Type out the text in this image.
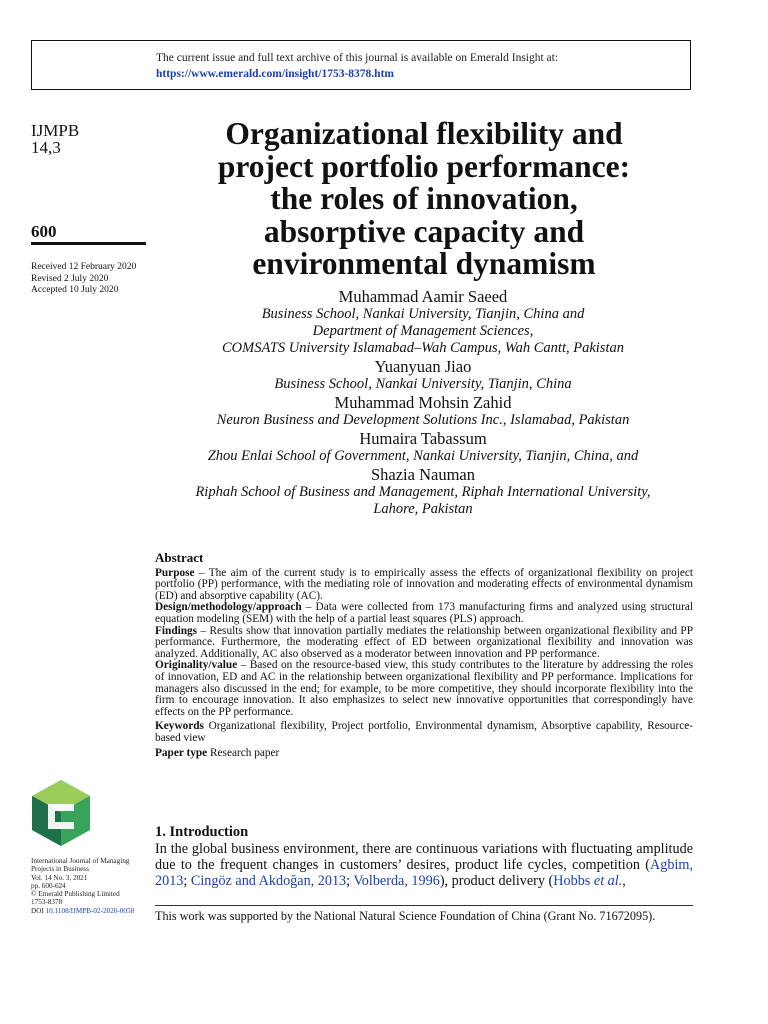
The current issue and full text archive of this journal is available on Emerald Insight at:
https://www.emerald.com/insight/1753-8378.htm
IJMPB
14,3
600
Received 12 February 2020
Revised 2 July 2020
Accepted 10 July 2020
International Journal of Managing
Projects in Business
Vol. 14 No. 3, 2021
pp. 600-624
© Emerald Publishing Limited
1753-8378
DOI 10.1108/IJMPB-02-2020-0058
Organizational flexibility and
project portfolio performance:
the roles of innovation,
absorptive capacity and
environmental dynamism
Muhammad Aamir Saeed
Business School, Nankai University, Tianjin, China and
Department of Management Sciences,
COMSATS University Islamabad–Wah Campus, Wah Cantt, Pakistan
Yuanyuan Jiao
Business School, Nankai University, Tianjin, China
Muhammad Mohsin Zahid
Neuron Business and Development Solutions Inc., Islamabad, Pakistan
Humaira Tabassum
Zhou Enlai School of Government, Nankai University, Tianjin, China, and
Shazia Nauman
Riphah School of Business and Management, Riphah International University,
Lahore, Pakistan
Abstract

Purpose – The aim of the current study is to empirically assess the effects of organizational flexibility on project portfolio (PP) performance, with the mediating role of innovation and moderating effects of environmental dynamism (ED) and absorptive capability (AC).

Design/methodology/approach – Data were collected from 173 manufacturing firms and analyzed using structural equation modeling (SEM) with the help of a partial least squares (PLS) approach.

Findings – Results show that innovation partially mediates the relationship between organizational flexibility and PP performance. Furthermore, the moderating effect of ED between organizational flexibility and innovation was analyzed. Additionally, AC also observed as a moderator between innovation and PP performance.

Originality/value – Based on the resource-based view, this study contributes to the literature by addressing the roles of innovation, ED and AC in the relationship between organizational flexibility and PP performance. Implications for managers also discussed in the end; for example, to be more competitive, they should incorporate flexibility into the firm to encourage innovation. It also emphasizes to select new innovative opportunities that correspondingly have effects on the PP performance.

Keywords Organizational flexibility, Project portfolio, Environmental dynamism, Absorptive capability, Resource-based view

Paper type Research paper

1. Introduction

In the global business environment, there are continuous variations with fluctuating amplitude due to the frequent changes in customers’ desires, product life cycles, competition (Agbim, 2013; Cingöz and Akdoğan, 2013; Volberda, 1996), product delivery (Hobbs et al.,

This work was supported by the National Natural Science Foundation of China (Grant No. 71672095).
